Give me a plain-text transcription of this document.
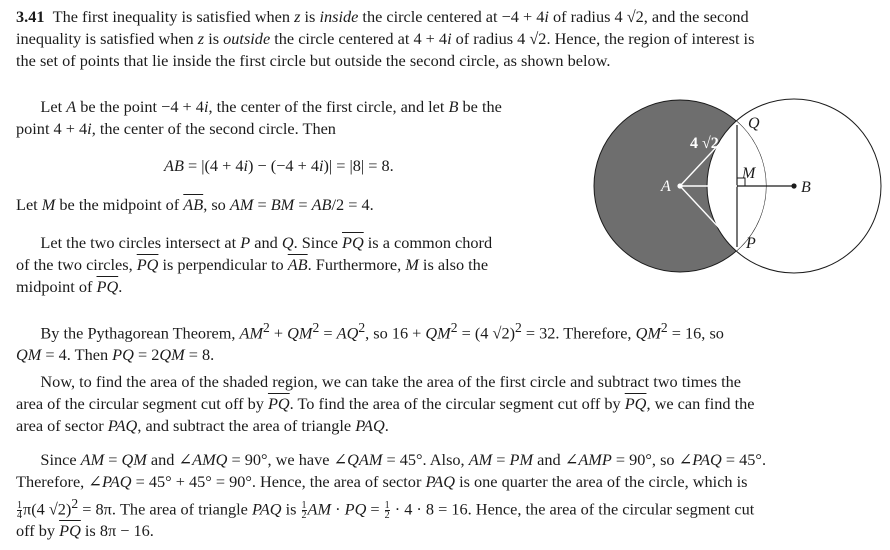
3.41 The first inequality is satisfied when z is inside the circle centered at −4 + 4i of radius 4 √2, and the second
inequality is satisfied when z is outside the circle centered at 4 + 4i of radius 4 √2. Hence, the region of interest is
the set of points that lie inside the first circle but outside the second circle, as shown below.

Let A be the point −4 + 4i, the center of the first circle, and let B be the
point 4 + 4i, the center of the second circle. Then

AB = |(4 + 4i) − (−4 + 4i)| = |8| = 8.

Let M be the midpoint of $\overline{AB}$, so AM = BM = AB/2 = 4.

Let the two circles intersect at P and Q. Since $\overline{PQ}$ is a common chord
of the two circles, $\overline{PQ}$ is perpendicular to $\overline{AB}$. Furthermore, M is also the
midpoint of $\overline{PQ}$.

By the Pythagorean Theorem, $AM^2 + QM^2 = AQ^2$, so $16 + QM^2 = (4$ √2)$^2$ = 32. Therefore, $QM^2 = 16$, so
QM = 4. Then PQ = 2QM = 8.

Now, to find the area of the shaded region, we can take the area of the first circle and subtract two times the
area of the circular segment cut off by $\overline{PQ}$. To find the area of the circular segment cut off by $\overline{PQ}$, we can find the
area of sector PAQ, and subtract the area of triangle PAQ.

Since AM = QM and ∠AMQ = 90°, we have ∠QAM = 45°. Also, AM = PM and ∠AMP = 90°, so ∠PAQ = 45°.
Therefore, ∠PAQ = 45° + 45° = 90°. Hence, the area of sector PAQ is one quarter the area of the circle, which is

$\frac{1}{4} \pi(4$ √2)$^2$ = 8π. The area of triangle PAQ is $\frac{1}{2}$ AM · PQ = $\frac{1}{2} \cdot 4 \cdot 8 = 16$. Hence, the area of the circular segment cut
off by $\overline{PQ}$ is 8π − 16.

4 √2
A	B
M
P
Q
